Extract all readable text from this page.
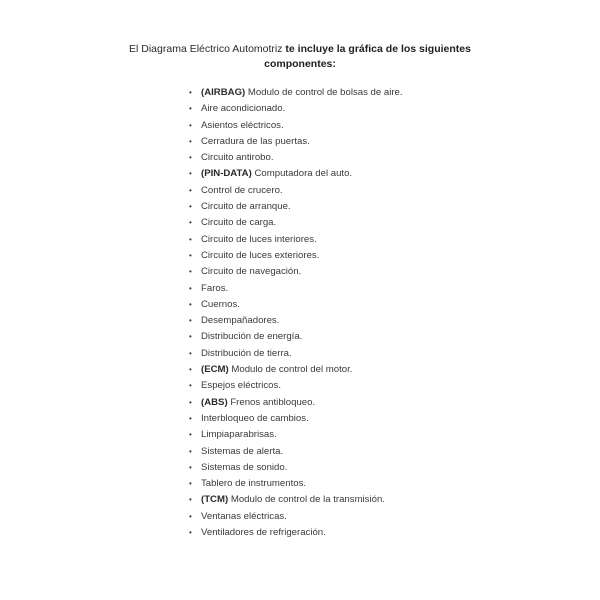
El Diagrama Eléctrico Automotriz te incluye la gráfica de los siguientes
componentes:
• (AIRBAG) Modulo de control de bolsas de aire.
• Aire acondicionado.
• Asientos eléctricos.
• Cerradura de las puertas.
• Circuito antirobo.
• (PIN-DATA) Computadora del auto.
• Control de crucero.
• Circuito de arranque.
• Circuito de carga.
• Circuito de luces interiores.
• Circuito de luces exteriores.
• Circuito de navegación.
• Faros.
• Cuernos.
• Desempañadores.
• Distribución de energía.
• Distribución de tierra.
• (ECM) Modulo de control del motor.
• Espejos eléctricos.
• (ABS) Frenos antibloqueo.
• Interbloqueo de cambios.
• Limpiaparabrisas.
• Sistemas de alerta.
• Sistemas de sonido.
• Tablero de instrumentos.
• (TCM) Modulo de control de la transmisión.
• Ventanas eléctricas.
• Ventiladores de refrigeración.
